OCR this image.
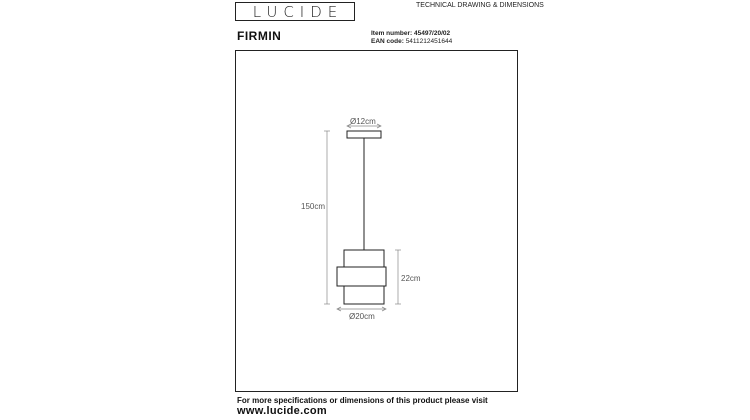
LUCIDE	TECHNICAL DRAWING & DIMENSIONS
FIRMIN	Item number: 45497/20/02
EAN code: 5411212451644
Ø12cm
150cm
22cm
Ø20cm
For more specifications or dimensions of this product please visit
www.lucide.com
